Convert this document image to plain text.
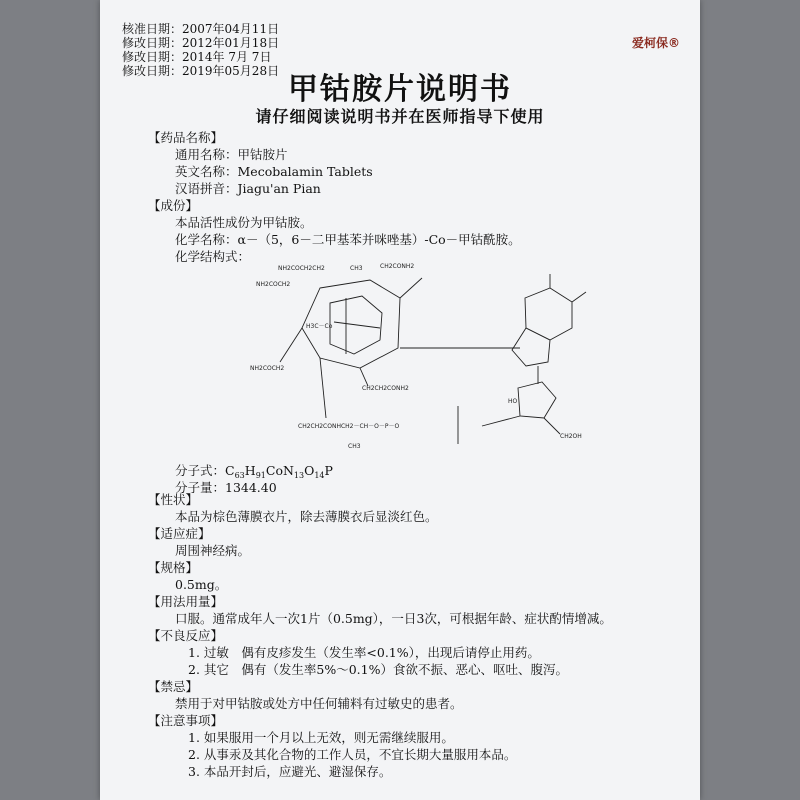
核准日期：2007年04月11日
修改日期：2012年01月18日
修改日期：2014年 7月 7日
修改日期：2019年05月28日
爱柯保®
甲钴胺片说明书
请仔细阅读说明书并在医师指导下使用
【药品名称】
通用名称：甲钴胺片
英文名称：Mecobalamin Tablets
汉语拼音：Jiagu'an Pian
【成份】
本品活性成份为甲钴胺。
化学名称：α－（5，6－二甲基苯并咪唑基）-Co－甲钴酰胺。
化学结构式：
分子式：$C_{63}H_{91}CoN_{13}O_{14}P$
分子量：1344.40
【性状】
本品为棕色薄膜衣片，除去薄膜衣后显淡红色。
【适应症】
周围神经病。
【规格】
0.5mg。
【用法用量】
口服。通常成年人一次1片（0.5mg），一日3次，可根据年龄、症状酌情增减。
【不良反应】
1. 过敏　偶有皮疹发生（发生率<0.1%），出现后请停止用药。
2. 其它　偶有（发生率5%～0.1%）食欲不振、恶心、呕吐、腹泻。
【禁忌】
禁用于对甲钴胺或处方中任何辅料有过敏史的患者。
【注意事项】
1. 如果服用一个月以上无效，则无需继续服用。
2. 从事汞及其化合物的工作人员，不宜长期大量服用本品。
3. 本品开封后，应避光、避湿保存。
NH2COCH2CH2	CH3	CH2CONH2
NH2COCH2
H3C－Co
NH2COCH2
CH2CH2CONH2
CH2CH2CONHCH2－CH－O－P－O
CH3
HO
CH2OH
